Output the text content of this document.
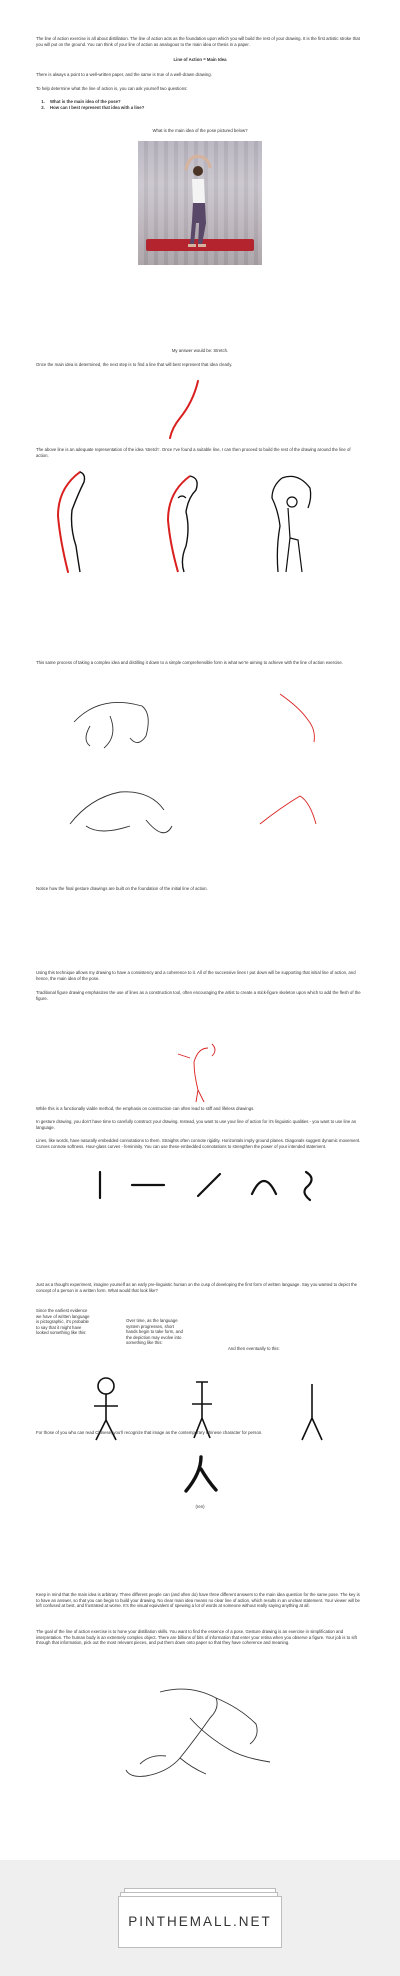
The line of action exercise is all about distillation. The line of action acts as the foundation upon which you will build the rest of your drawing. It is the first artistic stroke that you will put on the ground. You can think of your line of action as analogous to the main idea or thesis in a paper.

Line of Action = Main Idea

There is always a point to a well-written paper, and the same is true of a well-drawn drawing.

To help determine what the line of action is, you can ask yourself two questions:

1. What is the main idea of the pose?
2. How can I best represent that idea with a line?

What is the main idea of the pose pictured below?

My answer would be: Stretch.

Once the main idea is determined, the next step is to find a line that will best represent that idea clearly.

The above line is an adequate representation of the idea ‘stretch’. Once I’ve found a suitable line, I can then proceed to build the rest of the drawing around the line of action.

This same process of taking a complex idea and distilling it down to a simple comprehensible form is what we’re aiming to achieve with the line of action exercise.

Notice how the final gesture drawings are built on the foundation of the initial line of action.

Using this technique allows my drawing to have a consistency and a coherence to it. All of the successive lines I put down will be supporting that initial line of action, and hence, the main idea of the pose.

Traditional figure drawing emphasizes the use of lines as a construction tool, often encouraging the artist to create a stick-figure skeleton upon which to add the flesh of the figure.

While this is a functionally viable method, the emphasis on construction can often lead to stiff and lifeless drawings.

In gesture drawing, you don’t have time to carefully construct your drawing. Instead, you want to use your line of action for it’s linguistic qualities - you want to use line as language.

Lines, like words, have naturally embedded connotations to them. Straights often connote rigidity. Horizontals imply ground planes. Diagonals suggest dynamic movement. Curves connote softness. Hour-glass curves - femininity. You can use these embedded connotations to strengthen the power of your intended statement.

Just as a thought experiment, imagine yourself as an early pre-linguistic human on the cusp of developing the first form of written language. Say you wanted to depict the concept of a person in a written form. What would that look like?

Since the earliest evidence we have of written language is pictographic, it’s probable to say that it might have looked something like this:

Over time, as the language system progresses, short hands begin to take form, and the depiction may evolve into something like this:

And then eventually to this:

For those of you who can read Chinese, you’ll recognize that image as the contemporary Chinese character for person.

(ren)

Keep in mind that the main idea is arbitrary. Three different people can (and often do) have three different answers to the main idea question for the same pose. The key is to have an answer, so that you can begin to build your drawing. No clear main idea means no clear line of action, which results in an unclear statement. Your viewer will be left confused at best, and frustrated at worse. It’s the visual equivalent of spewing a lot of words at someone without really saying anything at all.

The goal of the line of action exercise is to hone your distillation skills. You want to find the essence of a pose. Gesture drawing is an exercise in simplification and interpretation. The human body is an extremely complex object. There are billions of bits of information that enter your retina when you observe a figure. Your job is to sift through that information, pick out the most relevant pieces, and put them down onto paper so that they have coherence and meaning.

PINTHEMALL.NET
